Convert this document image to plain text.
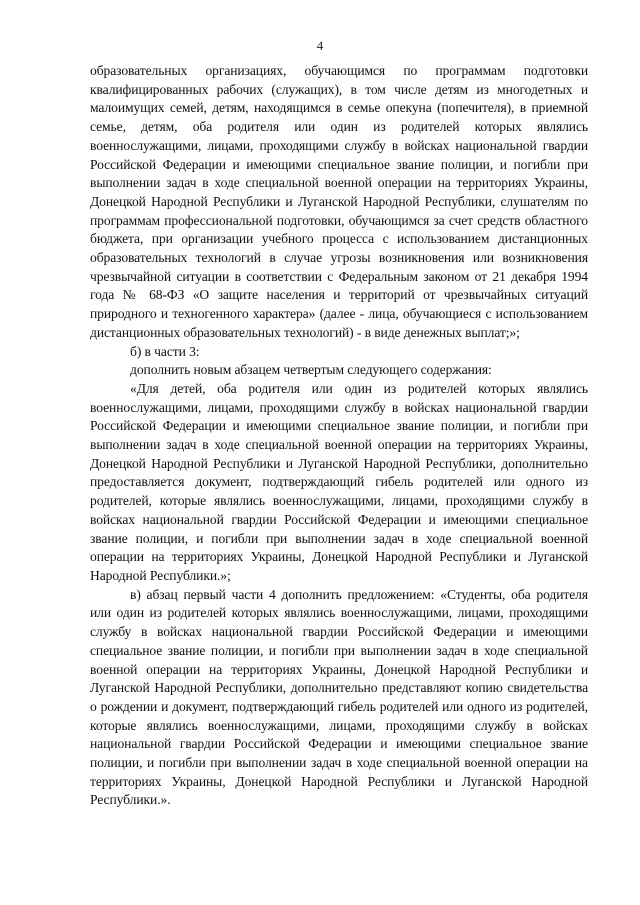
4

образовательных организациях, обучающимся по программам подготовки квалифицированных рабочих (служащих), в том числе детям из многодетных и малоимущих семей, детям, находящимся в семье опекуна (попечителя), в приемной семье, детям, оба родителя или один из родителей которых являлись военнослужащими, лицами, проходящими службу в войсках национальной гвардии Российской Федерации и имеющими специальное звание полиции, и погибли при выполнении задач в ходе специальной военной операции на территориях Украины, Донецкой Народной Республики и Луганской Народной Республики, слушателям по программам профессиональной подготовки, обучающимся за счет средств областного бюджета, при организации учебного процесса с использованием дистанционных образовательных технологий в случае угрозы возникновения или возникновения чрезвычайной ситуации в соответствии с Федеральным законом от 21 декабря 1994 года № 68-ФЗ «О защите населения и территорий от чрезвычайных ситуаций природного и техногенного характера» (далее - лица, обучающиеся с использованием дистанционных образовательных технологий) - в виде денежных выплат;»;

б) в части 3:

дополнить новым абзацем четвертым следующего содержания:

«Для детей, оба родителя или один из родителей которых являлись военнослужащими, лицами, проходящими службу в войсках национальной гвардии Российской Федерации и имеющими специальное звание полиции, и погибли при выполнении задач в ходе специальной военной операции на территориях Украины, Донецкой Народной Республики и Луганской Народной Республики, дополнительно предоставляется документ, подтверждающий гибель родителей или одного из родителей, которые являлись военнослужащими, лицами, проходящими службу в войсках национальной гвардии Российской Федерации и имеющими специальное звание полиции, и погибли при выполнении задач в ходе специальной военной операции на территориях Украины, Донецкой Народной Республики и Луганской Народной Республики.»;

в) абзац первый части 4 дополнить предложением: «Студенты, оба родителя или один из родителей которых являлись военнослужащими, лицами, проходящими службу в войсках национальной гвардии Российской Федерации и имеющими специальное звание полиции, и погибли при выполнении задач в ходе специальной военной операции на территориях Украины, Донецкой Народной Республики и Луганской Народной Республики, дополнительно представляют копию свидетельства о рождении и документ, подтверждающий гибель родителей или одного из родителей, которые являлись военнослужащими, лицами, проходящими службу в войсках национальной гвардии Российской Федерации и имеющими специальное звание полиции, и погибли при выполнении задач в ходе специальной военной операции на территориях Украины, Донецкой Народной Республики и Луганской Народной Республики.».
